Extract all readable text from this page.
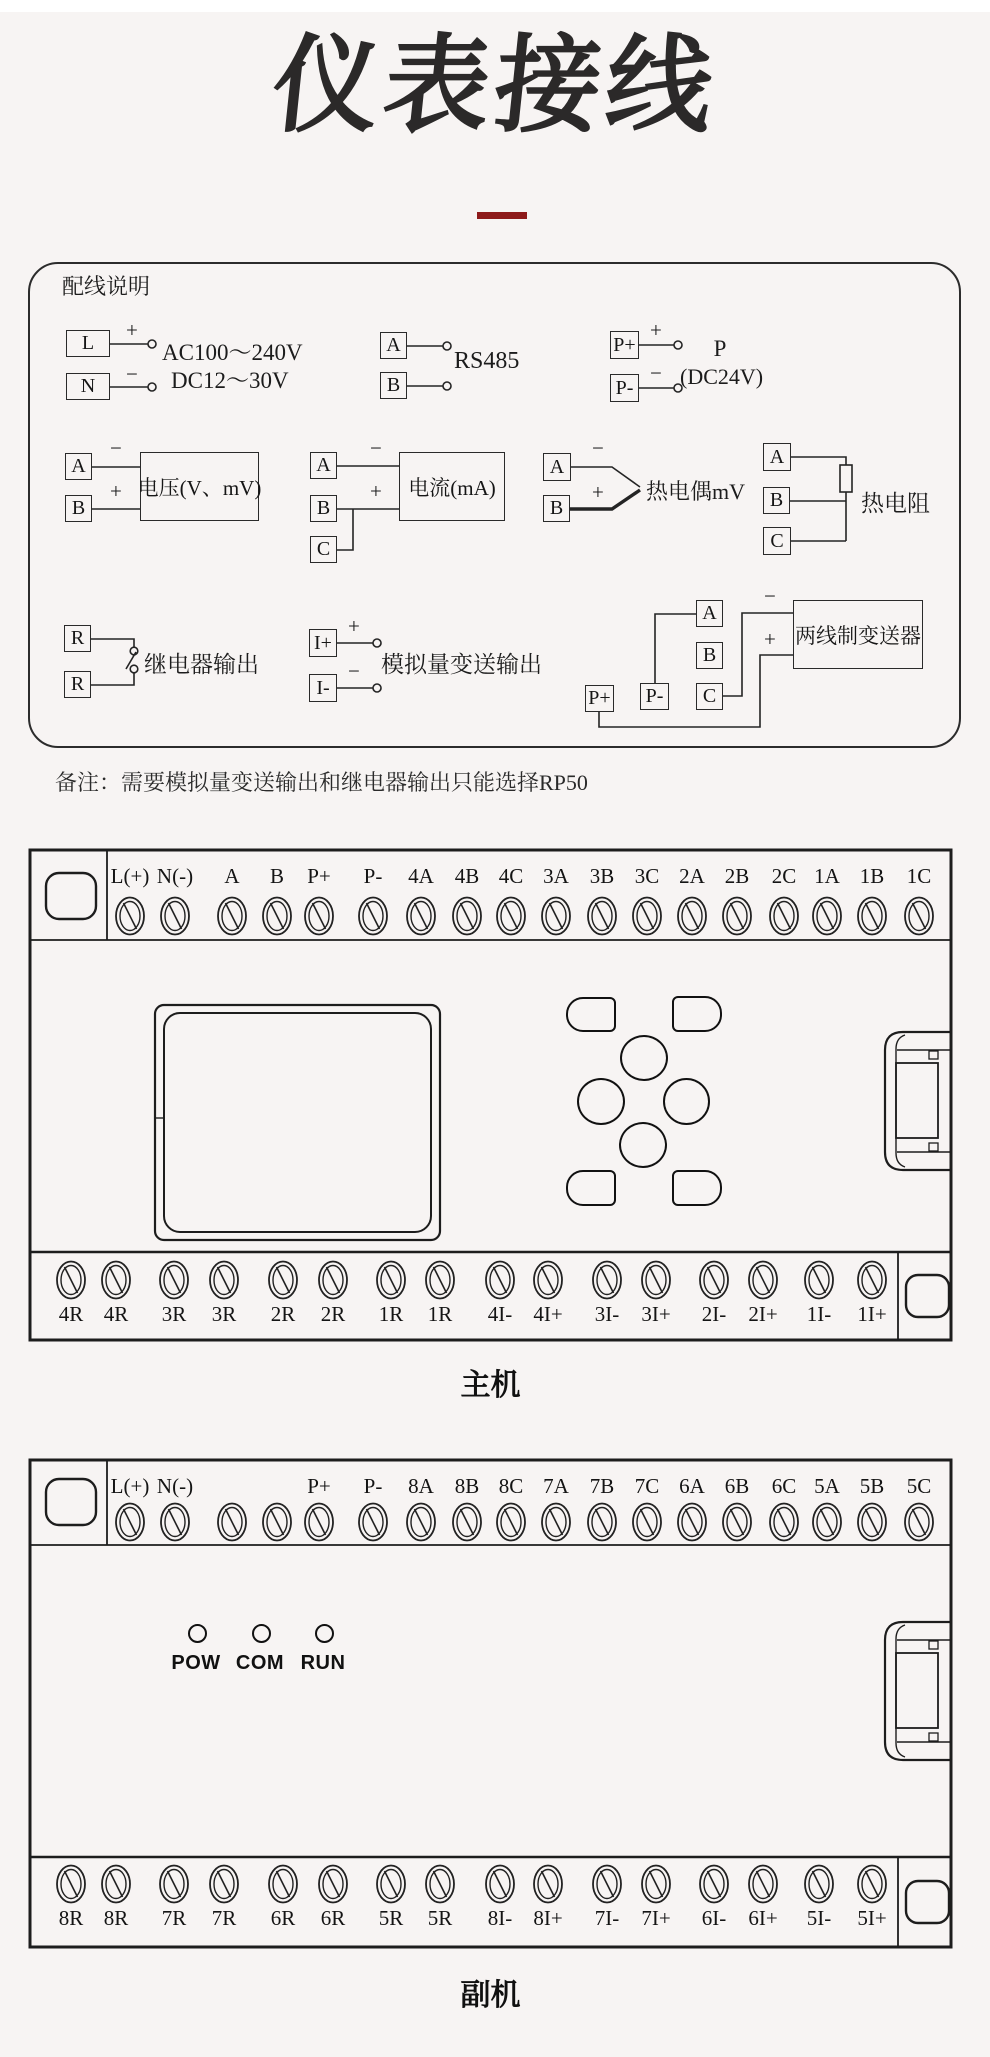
仪表接线
配线说明
L
N
+
−
AC100～240V
DC12～30V
A
B
RS485
P+
P-
+
−
P
(DC24V)
A
B
−
+ 电压(V、mV)
A
B
C
−
+	电流(mA)
A
B
−
+ 热电偶mV
A
B
C
热电阻
R
R
继电器输出
I+
I-
+
− 模拟量变送输出
A
B
C
P+ P-
−
+ 两线制变送器
备注：需要模拟量变送输出和继电器输出只能选择RP50
主机
副机
POW COM RUN
L(+) N(-) A B P+ P- 4A 4B 4C 3A 3B 3C 2A 2B 2C 1A 1B 1C
4R 4R 3R 3R 2R 2R 1R 1R 4I- 4I+ 3I- 3I+ 2I- 2I+ 1I- 1I+
L(+) N(-)	P+ P- 8A 8B 8C 7A 7B 7C 6A 6B 6C 5A 5B 5C
8R 8R 7R 7R 6R 6R 5R 5R 8I- 8I+ 7I- 7I+ 6I- 6I+ 5I- 5I+
